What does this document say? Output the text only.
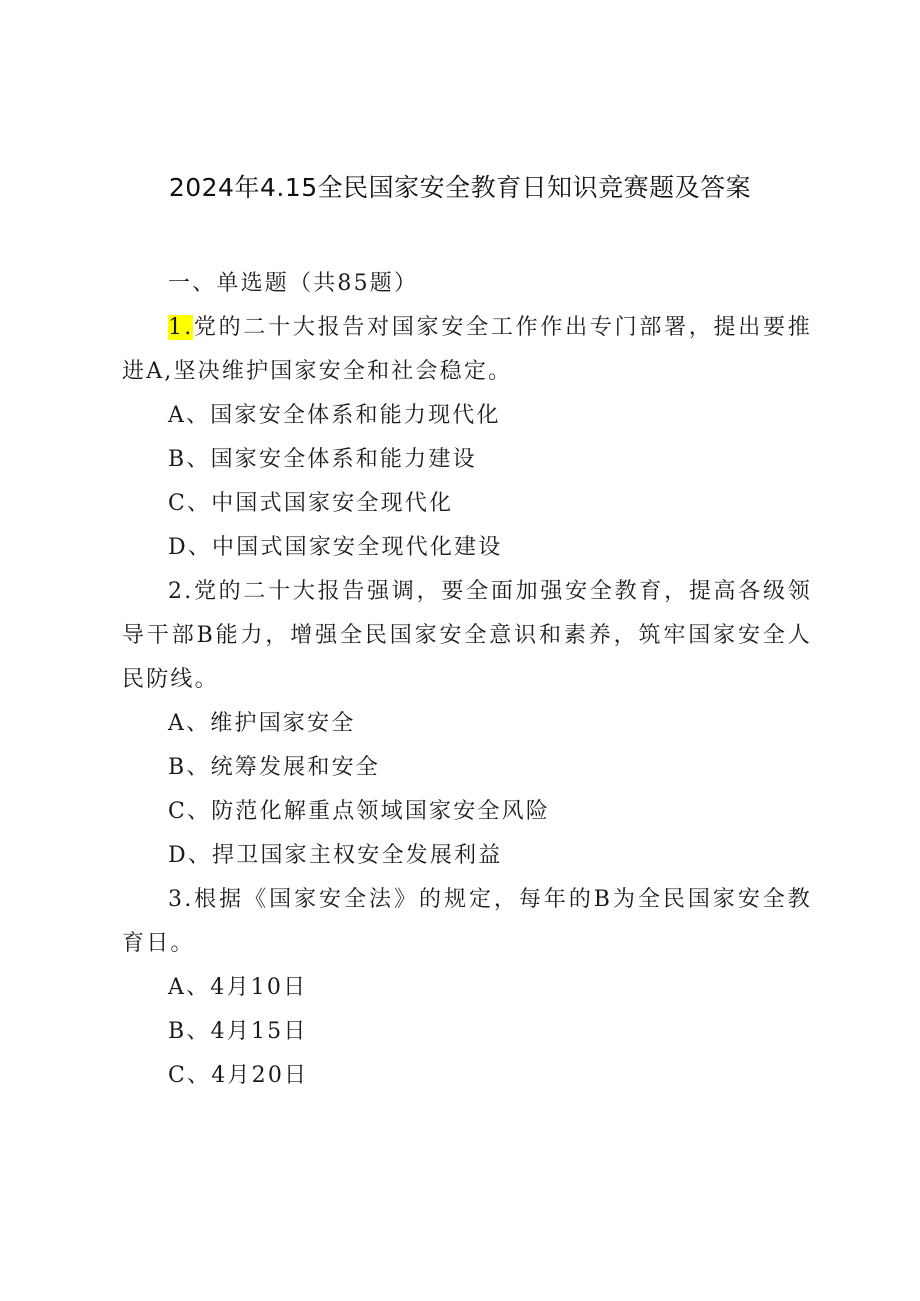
2024年4.15全民国家安全教育日知识竞赛题及答案
一、单选题（共85题）
1.党的二十大报告对国家安全工作作出专门部署，提出要推进A,坚决维护国家安全和社会稳定。
A、国家安全体系和能力现代化
B、国家安全体系和能力建设
C、中国式国家安全现代化
D、中国式国家安全现代化建设
2.党的二十大报告强调，要全面加强安全教育，提高各级领导干部B能力，增强全民国家安全意识和素养，筑牢国家安全人民防线。
A、维护国家安全
B、统筹发展和安全
C、防范化解重点领域国家安全风险
D、捍卫国家主权安全发展利益
3.根据《国家安全法》的规定，每年的B为全民国家安全教育日。
A、4月10日
B、4月15日
C、4月20日
